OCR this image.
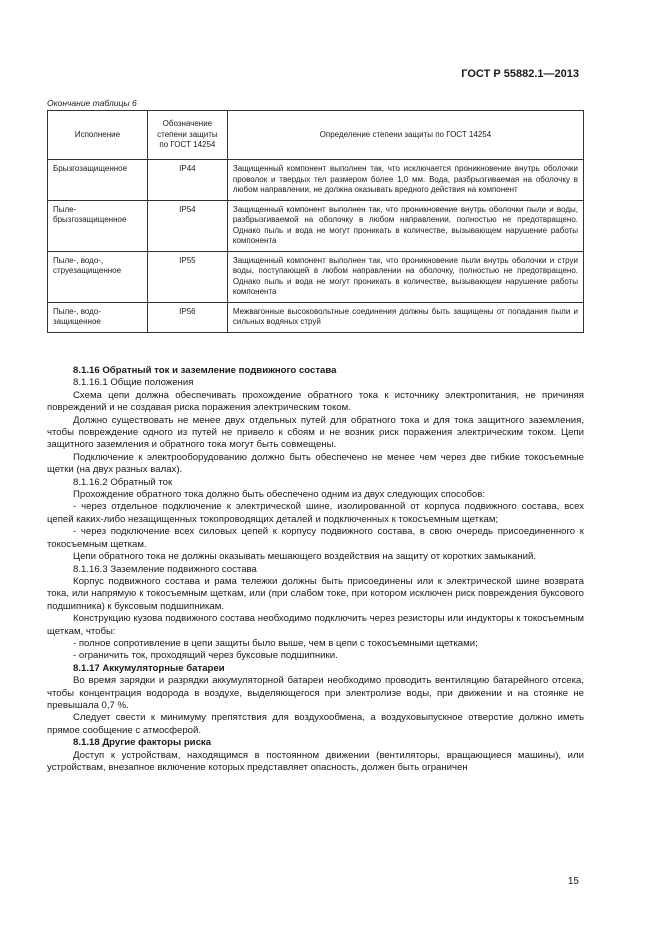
ГОСТ Р 55882.1—2013
Окончание таблицы 6
Исполнение	Обозначение степени защиты по ГОСТ 14254	Определение степени защиты по ГОСТ 14254
Брызгозащищенное	IP44	Защищенный компонент выполнен так, что исключается проникновение внутрь оболочки проволок и твердых тел размером более 1,0 мм. Вода, разбрызгиваемая на оболочку в любом направлении, не должна оказывать вредного действия на компонент
Пыле-брызгозащищенное	IP54	Защищенный компонент выполнен так, что проникновение внутрь оболочки пыли и воды, разбрызгиваемой на оболочку в любом направлении, полностью не предотвращено. Однако пыль и вода не могут проникать в количестве, вызывающем нарушение работы компонента
Пыле-, водо-, струезащищенное	IP55	Защищенный компонент выполнен так, что проникновение пыли внутрь оболочки и струи воды, поступающей в любом направлении на оболочку, полностью не предотвращено. Однако пыль и вода не могут проникать в количестве, вызывающем нарушение работы компонента
Пыле-, водо-защищенное	IP56	Межвагонные высоковольтные соединения должны быть защищены от попадания пыли и сильных водяных струй

8.1.16 Обратный ток и заземление подвижного состава

8.1.16.1 Общие положения

Схема цепи должна обеспечивать прохождение обратного тока к источнику электропитания, не причиняя повреждений и не создавая риска поражения электрическим током.

Должно существовать не менее двух отдельных путей для обратного тока и для тока защитного заземления, чтобы повреждение одного из путей не привело к сбоям и не возник риск поражения электрическим током. Цепи защитного заземления и обратного тока могут быть совмещены.

Подключение к электрооборудованию должно быть обеспечено не менее чем через две гибкие токосъемные щетки (на двух разных валах).

8.1.16.2 Обратный ток

Прохождение обратного тока должно быть обеспечено одним из двух следующих способов:

- через отдельное подключение к электрической шине, изолированной от корпуса подвижного состава, всех цепей каких-либо незащищенных токопроводящих деталей и подключенных к токосъемным щеткам;

- через подключение всех силовых цепей к корпусу подвижного состава, в свою очередь присоединенного к токосъемным щеткам.

Цепи обратного тока не должны оказывать мешающего воздействия на защиту от коротких замыканий.

8.1.16.3 Заземление подвижного состава

Корпус подвижного состава и рама тележки должны быть присоединены или к электрической шине возврата тока, или напрямую к токосъемным щеткам, или (при слабом токе, при котором исключен риск повреждения буксового подшипника) к буксовым подшипникам.

Конструкцию кузова подвижного состава необходимо подключить через резисторы или индукторы к токосъемным щеткам, чтобы:

- полное сопротивление в цепи защиты было выше, чем в цепи с токосъемными щетками;

- ограничить ток, проходящий через буксовые подшипники.

8.1.17 Аккумуляторные батареи

Во время зарядки и разрядки аккумуляторной батареи необходимо проводить вентиляцию батарейного отсека, чтобы концентрация водорода в воздухе, выделяющегося при электролизе воды, при движении и на стоянке не превышала 0,7 %.

Следует свести к минимуму препятствия для воздухообмена, а воздуховыпускное отверстие должно иметь прямое сообщение с атмосферой.

8.1.18 Другие факторы риска

Доступ к устройствам, находящимся в постоянном движении (вентиляторы, вращающиеся машины), или устройствам, внезапное включение которых представляет опасность, должен быть ограничен

15
